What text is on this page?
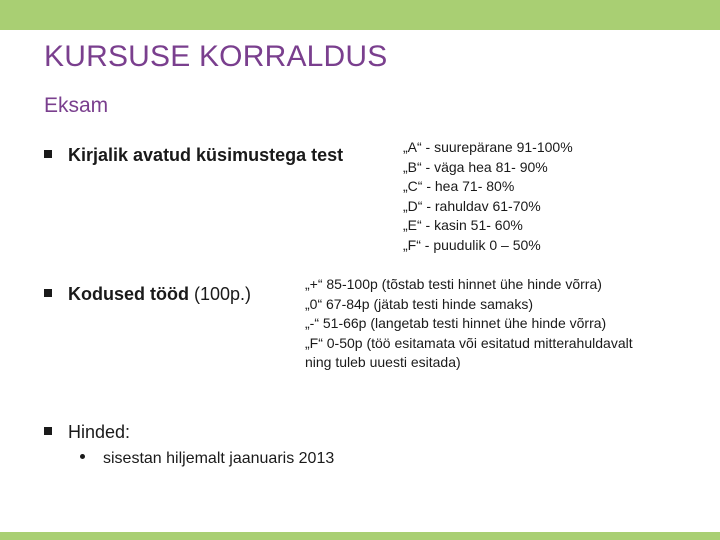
KURSUSE KORRALDUS
Eksam
Kirjalik avatud küsimustega test	„A“ - suurepärane 91-100%
„B“ - väga hea 81- 90%
„C“ - hea 71- 80%
„D“ - rahuldav 61-70%
„E“ - kasin 51- 60%
„F“ - puudulik 0 – 50%
Kodused tööd (100p.)	„+“ 85-100p (tõstab testi hinnet ühe hinde võrra)
„0“ 67-84p (jätab testi hinde samaks)
„-“ 51-66p (langetab testi hinnet ühe hinde võrra)
„F“ 0-50p (töö esitamata või esitatud mitterahuldavalt
ning tuleb uuesti esitada)
Hinded:
sisestan hiljemalt jaanuaris 2013
